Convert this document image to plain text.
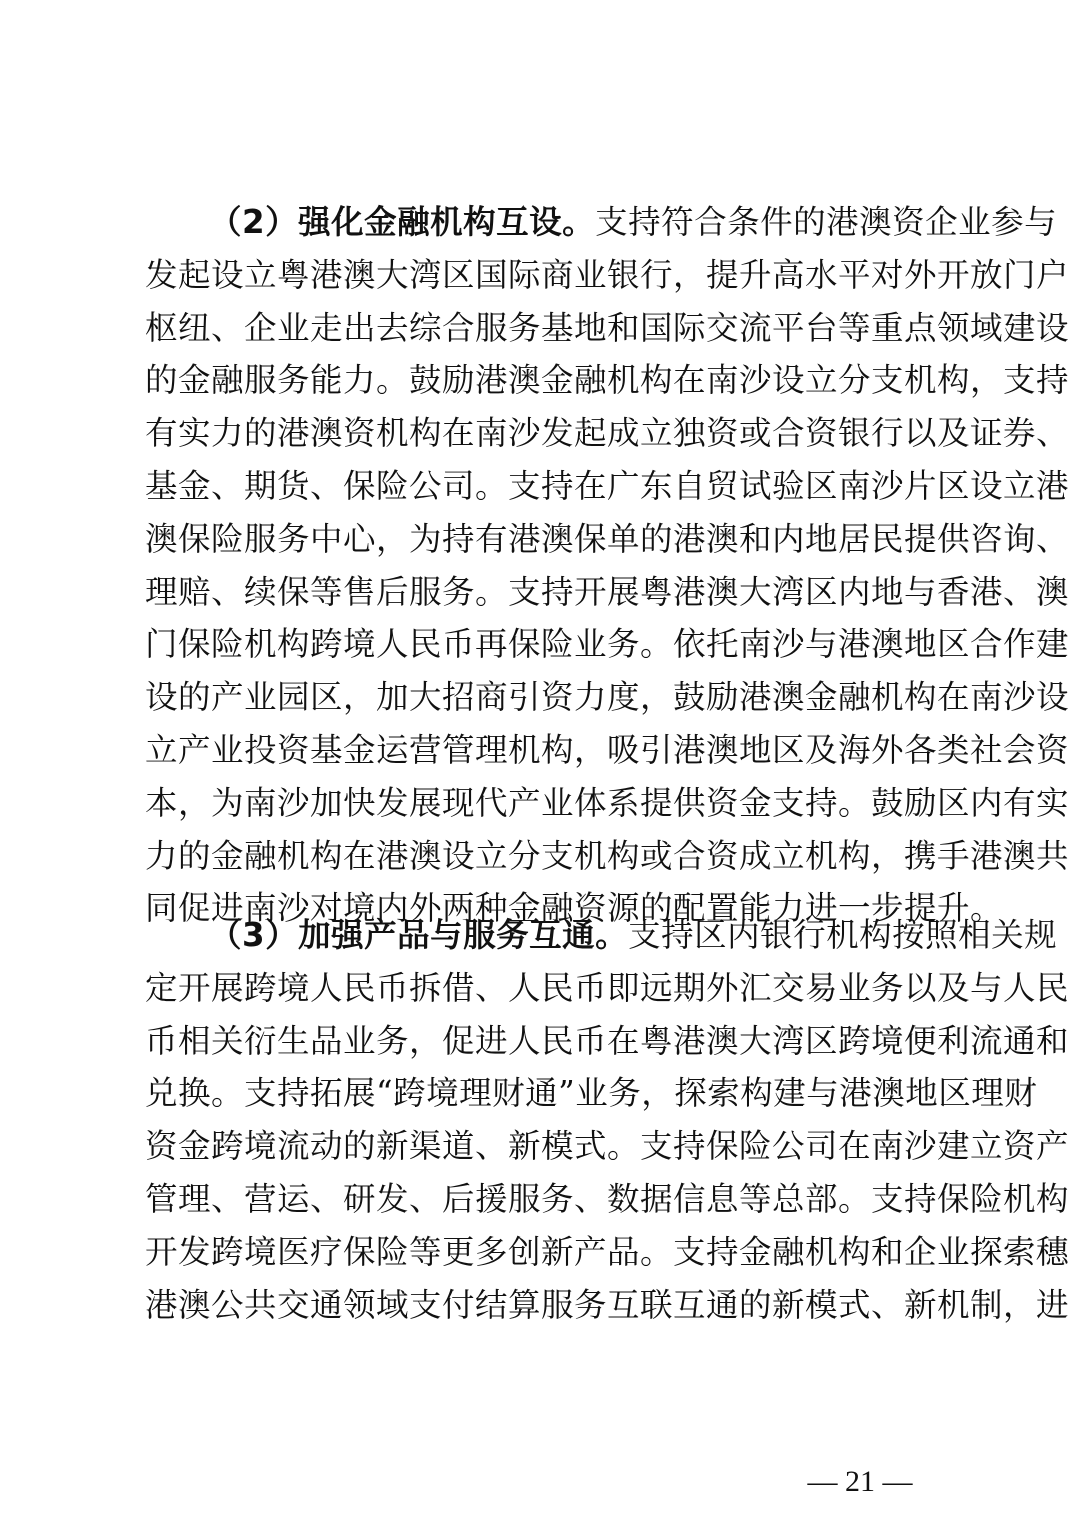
（2）强化金融机构互设。支持符合条件的港澳资企业参与
发起设立粤港澳大湾区国际商业银行，提升高水平对外开放门户
枢纽、企业走出去综合服务基地和国际交流平台等重点领域建设
的金融服务能力。鼓励港澳金融机构在南沙设立分支机构，支持
有实力的港澳资机构在南沙发起成立独资或合资银行以及证券、
基金、期货、保险公司。支持在广东自贸试验区南沙片区设立港
澳保险服务中心，为持有港澳保单的港澳和内地居民提供咨询、
理赔、续保等售后服务。支持开展粤港澳大湾区内地与香港、澳
门保险机构跨境人民币再保险业务。依托南沙与港澳地区合作建
设的产业园区，加大招商引资力度，鼓励港澳金融机构在南沙设
立产业投资基金运营管理机构，吸引港澳地区及海外各类社会资
本，为南沙加快发展现代产业体系提供资金支持。鼓励区内有实
力的金融机构在港澳设立分支机构或合资成立机构，携手港澳共
同促进南沙对境内外两种金融资源的配置能力进一步提升。
（3）加强产品与服务互通。支持区内银行机构按照相关规
定开展跨境人民币拆借、人民币即远期外汇交易业务以及与人民
币相关衍生品业务，促进人民币在粤港澳大湾区跨境便利流通和
兑换。支持拓展“跨境理财通”业务，探索构建与港澳地区理财
资金跨境流动的新渠道、新模式。支持保险公司在南沙建立资产
管理、营运、研发、后援服务、数据信息等总部。支持保险机构
开发跨境医疗保险等更多创新产品。支持金融机构和企业探索穗
港澳公共交通领域支付结算服务互联互通的新模式、新机制，进
— 21 —
